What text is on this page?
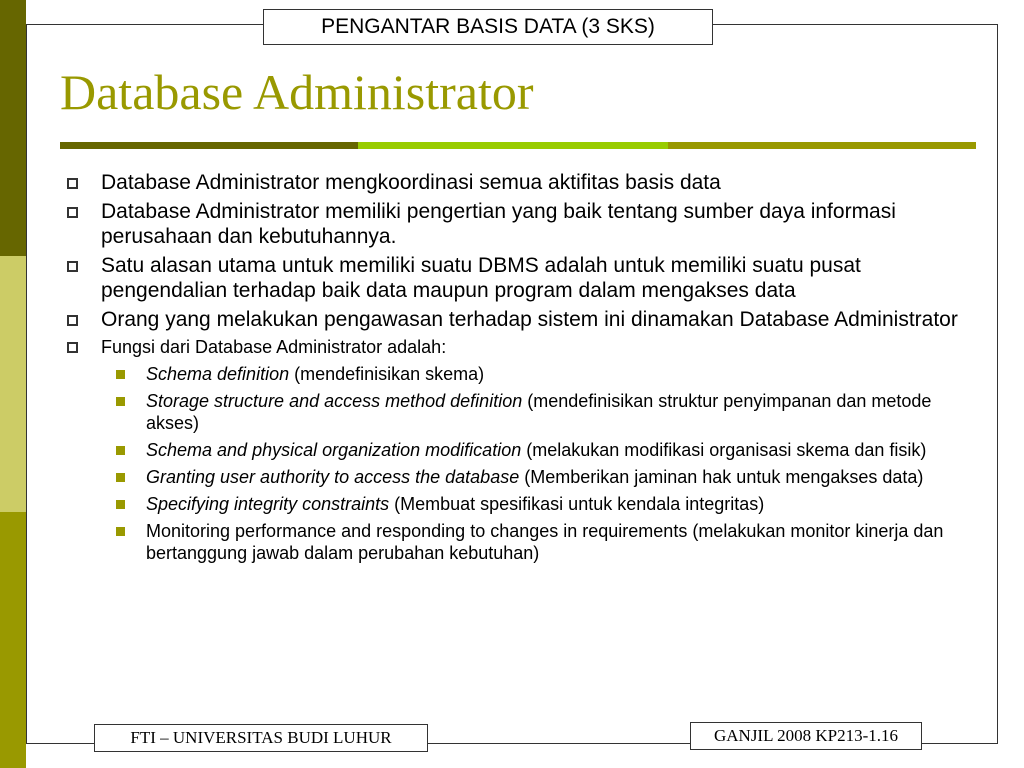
PENGANTAR BASIS DATA (3 SKS)
Database Administrator
Database Administrator mengkoordinasi semua aktifitas basis data
Database Administrator memiliki pengertian yang baik tentang sumber daya informasi perusahaan dan kebutuhannya.
Satu alasan utama untuk memiliki suatu DBMS adalah untuk memiliki suatu pusat pengendalian terhadap baik data maupun program dalam mengakses data
Orang yang melakukan pengawasan terhadap sistem ini dinamakan Database Administrator
Fungsi dari Database Administrator adalah:
Schema definition (mendefinisikan skema)
Storage structure and access method definition (mendefinisikan struktur penyimpanan dan metode akses)
Schema and physical organization modification (melakukan modifikasi organisasi skema dan fisik)
Granting user authority to access the database (Memberikan jaminan hak untuk mengakses data)
Specifying integrity constraints (Membuat spesifikasi untuk kendala integritas)
Monitoring performance and responding to changes in requirements (melakukan monitor kinerja dan bertanggung jawab dalam perubahan kebutuhan)
FTI – UNIVERSITAS BUDI LUHUR	GANJIL 2008 KP213-1.16
